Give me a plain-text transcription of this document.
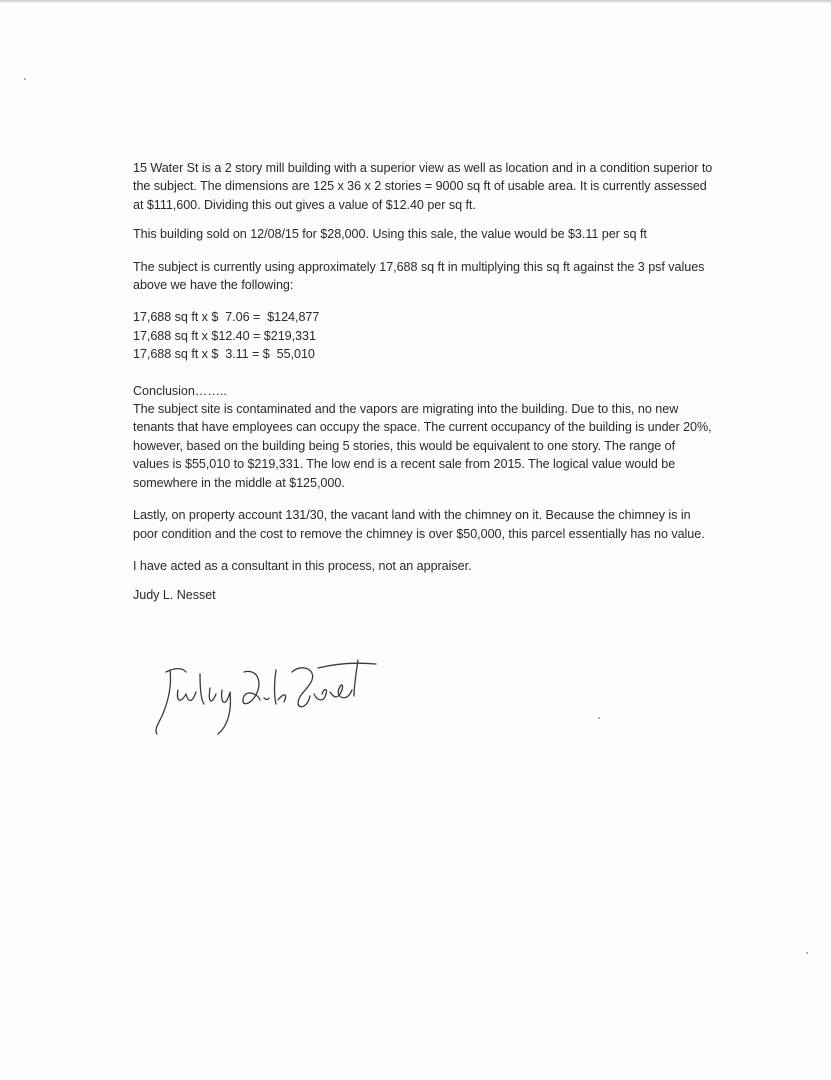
15 Water St is a 2 story mill building with a superior view as well as location and in a condition superior to the subject. The dimensions are 125 x 36 x 2 stories = 9000 sq ft of usable area. It is currently assessed at $111,600. Dividing this out gives a value of $12.40 per sq ft.

This building sold on 12/08/15 for $28,000. Using this sale, the value would be $3.11 per sq ft

The subject is currently using approximately 17,688 sq ft in multiplying this sq ft against the 3 psf values above we have the following:

17,688 sq ft x $  7.06 =  $124,877

17,688 sq ft x $12.40 = $219,331

17,688 sq ft x $  3.11 = $  55,010

Conclusion……..

The subject site is contaminated and the vapors are migrating into the building. Due to this, no new tenants that have employees can occupy the space. The current occupancy of the building is under 20%, however, based on the building being 5 stories, this would be equivalent to one story. The range of values is $55,010 to $219,331. The low end is a recent sale from 2015. The logical value would be somewhere in the middle at $125,000.

Lastly, on property account 131/30, the vacant land with the chimney on it. Because the chimney is in poor condition and the cost to remove the chimney is over $50,000, this parcel essentially has no value.

I have acted as a consultant in this process, not an appraiser.

Judy L. Nesset
